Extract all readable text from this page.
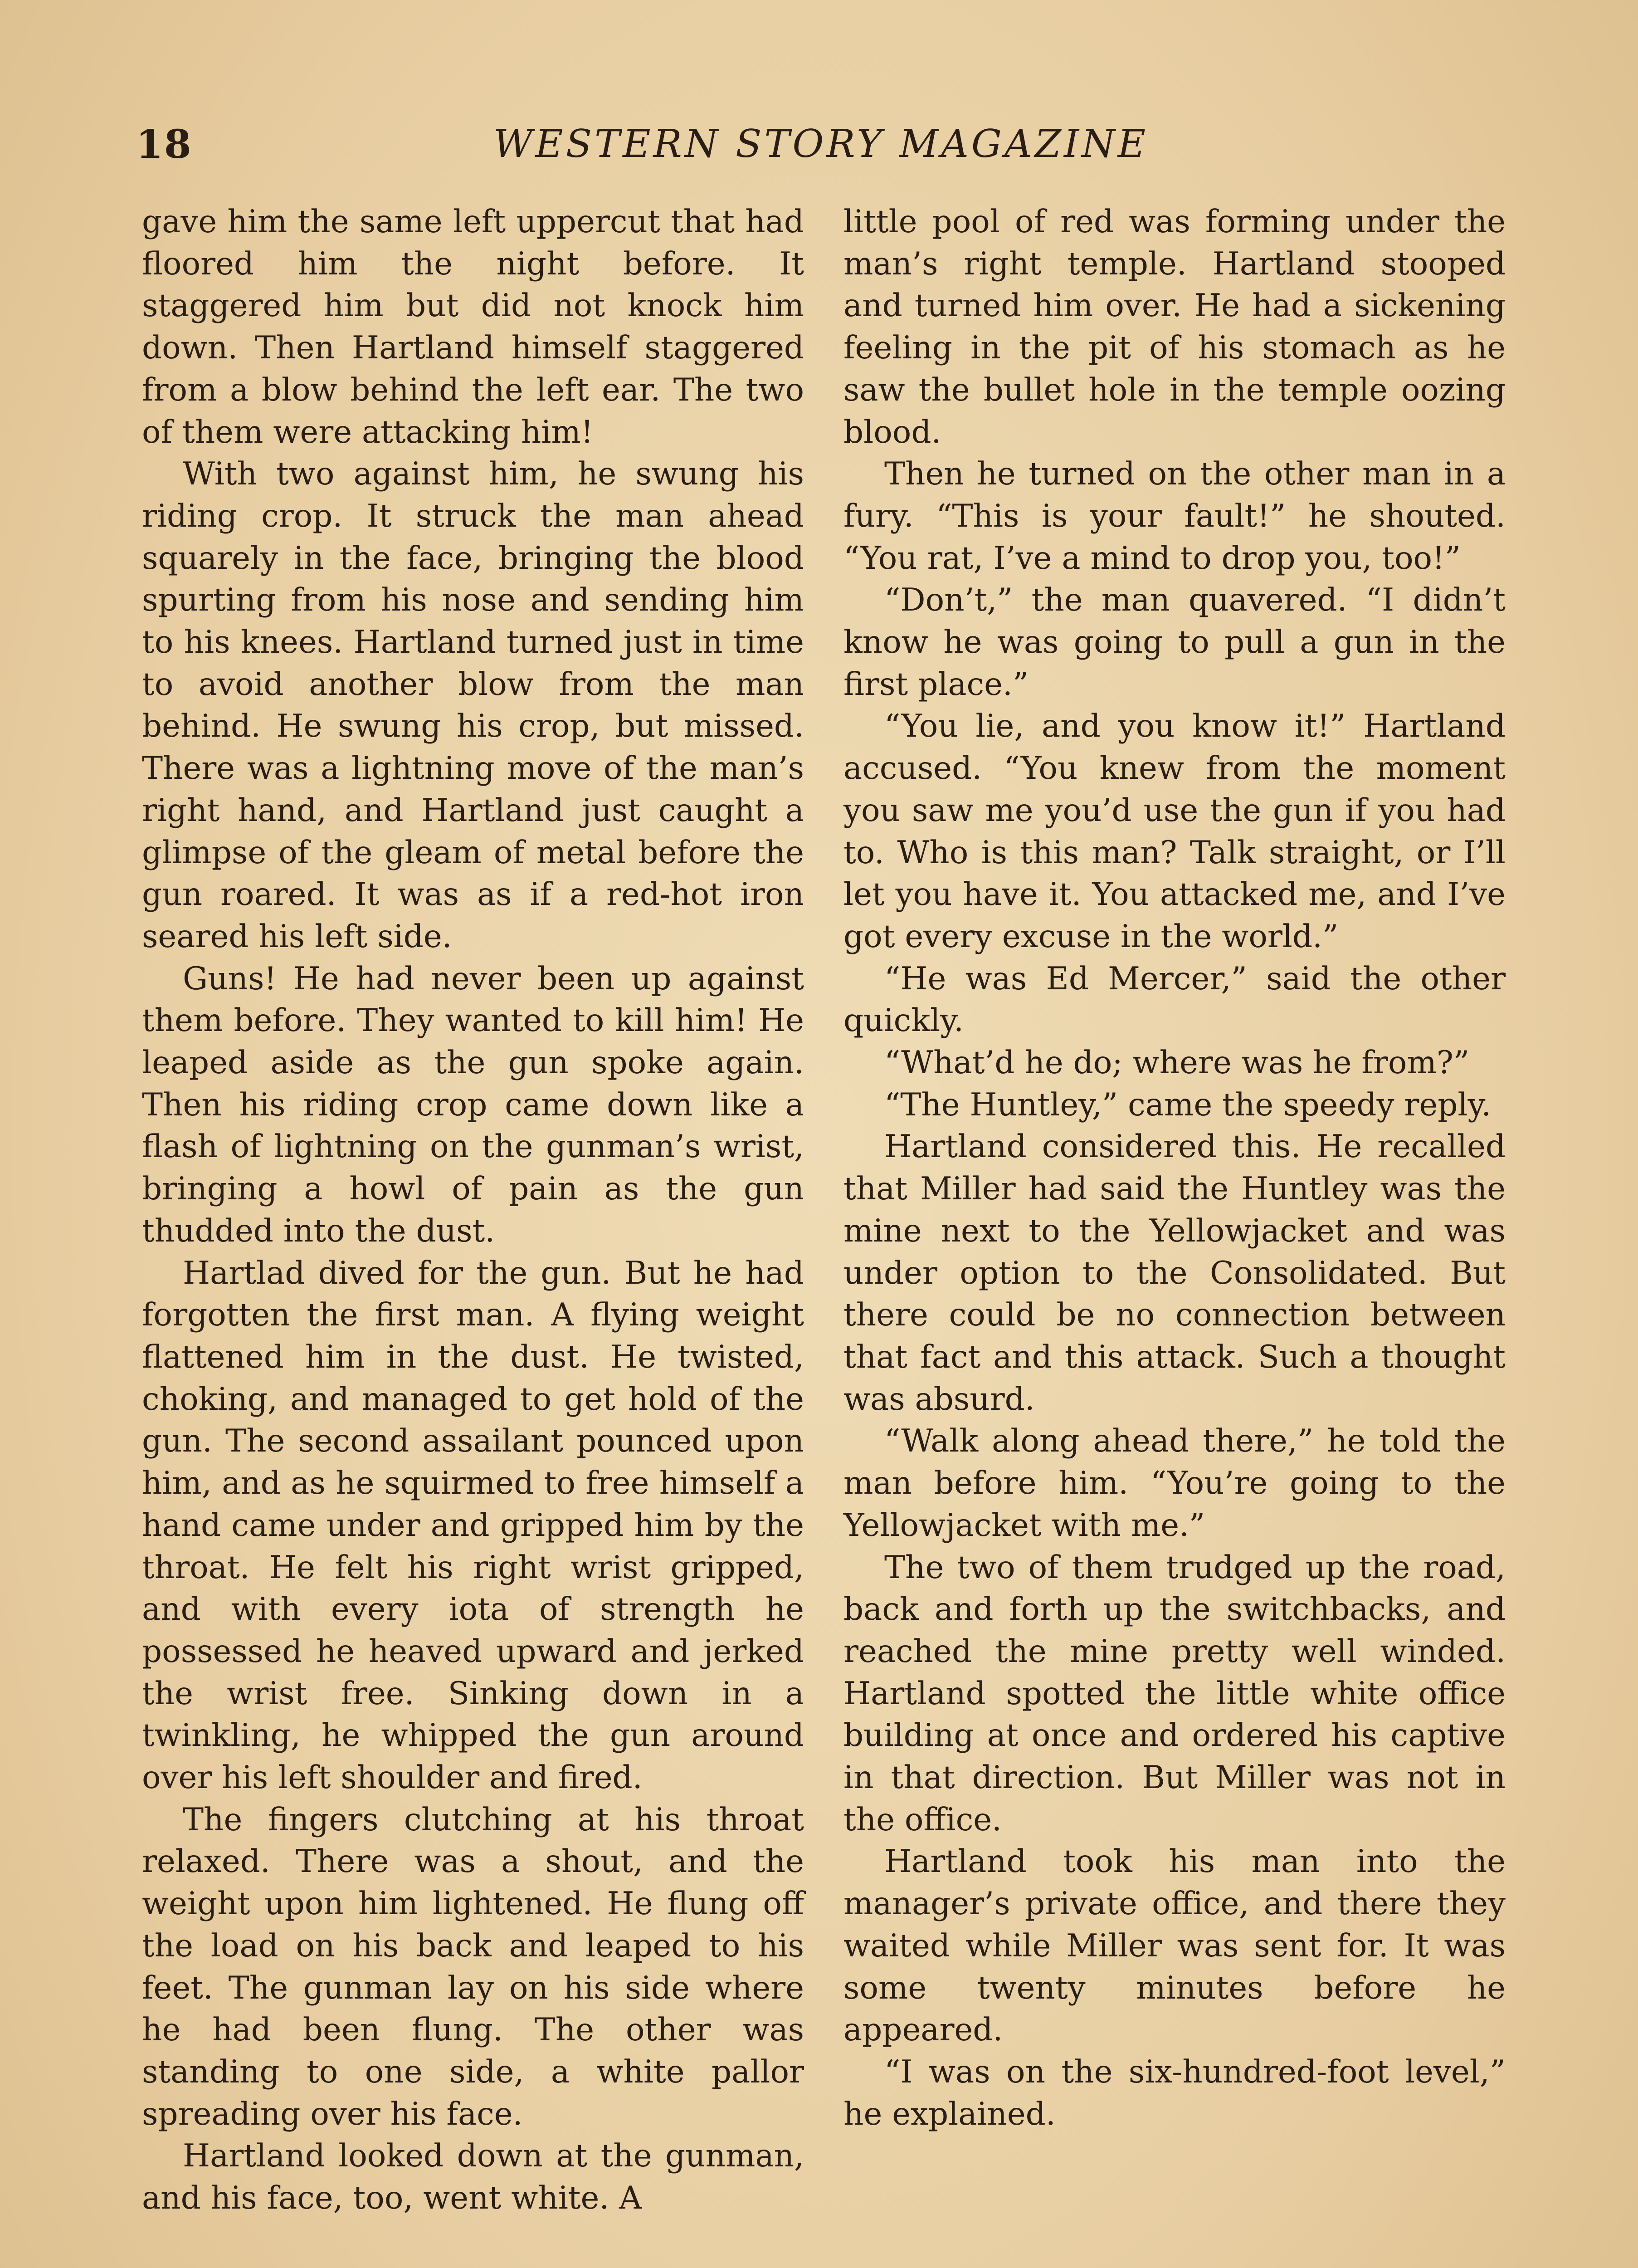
18	WESTERN STORY MAGAZINE

gave him the same left uppercut that had floored him the night before. It staggered him but did not knock him down. Then Hartland himself staggered from a blow behind the left ear. The two of them were attacking him!

With two against him, he swung his riding crop. It struck the man ahead squarely in the face, bringing the blood spurting from his nose and sending him to his knees. Hartland turned just in time to avoid another blow from the man behind. He swung his crop, but missed. There was a lightning move of the man’s right hand, and Hartland just caught a glimpse of the gleam of metal before the gun roared. It was as if a red-hot iron seared his left side.

Guns! He had never been up against them before. They wanted to kill him! He leaped aside as the gun spoke again. Then his riding crop came down like a flash of lightning on the gunman’s wrist, bringing a howl of pain as the gun thudded into the dust.

Hartlad dived for the gun. But he had forgotten the first man. A flying weight flattened him in the dust. He twisted, choking, and managed to get hold of the gun. The second assailant pounced upon him, and as he squirmed to free himself a hand came under and gripped him by the throat. He felt his right wrist gripped, and with every iota of strength he possessed he heaved upward and jerked the wrist free. Sinking down in a twinkling, he whipped the gun around over his left shoulder and fired.

The fingers clutching at his throat relaxed. There was a shout, and the weight upon him lightened. He flung off the load on his back and leaped to his feet. The gunman lay on his side where he had been flung. The other was standing to one side, a white pallor spreading over his face.

Hartland looked down at the gunman, and his face, too, went white. A

little pool of red was forming under the man’s right temple. Hartland stooped and turned him over. He had a sickening feeling in the pit of his stomach as he saw the bullet hole in the temple oozing blood.

Then he turned on the other man in a fury. “This is your fault!” he shouted. “You rat, I’ve a mind to drop you, too!”

“Don’t,” the man quavered. “I didn’t know he was going to pull a gun in the first place.”

“You lie, and you know it!” Hartland accused. “You knew from the moment you saw me you’d use the gun if you had to. Who is this man? Talk straight, or I’ll let you have it. You attacked me, and I’ve got every excuse in the world.”

“He was Ed Mercer,” said the other quickly.

“What’d he do; where was he from?”

“The Huntley,” came the speedy reply.

Hartland considered this. He recalled that Miller had said the Huntley was the mine next to the Yellowjacket and was under option to the Consolidated. But there could be no connection between that fact and this attack. Such a thought was absurd.

“Walk along ahead there,” he told the man before him. “You’re going to the Yellowjacket with me.”

The two of them trudged up the road, back and forth up the switchbacks, and reached the mine pretty well winded. Hartland spotted the little white office building at once and ordered his captive in that direction. But Miller was not in the office.

Hartland took his man into the manager’s private office, and there they waited while Miller was sent for. It was some twenty minutes before he appeared.

“I was on the six-hundred-foot level,” he explained.
